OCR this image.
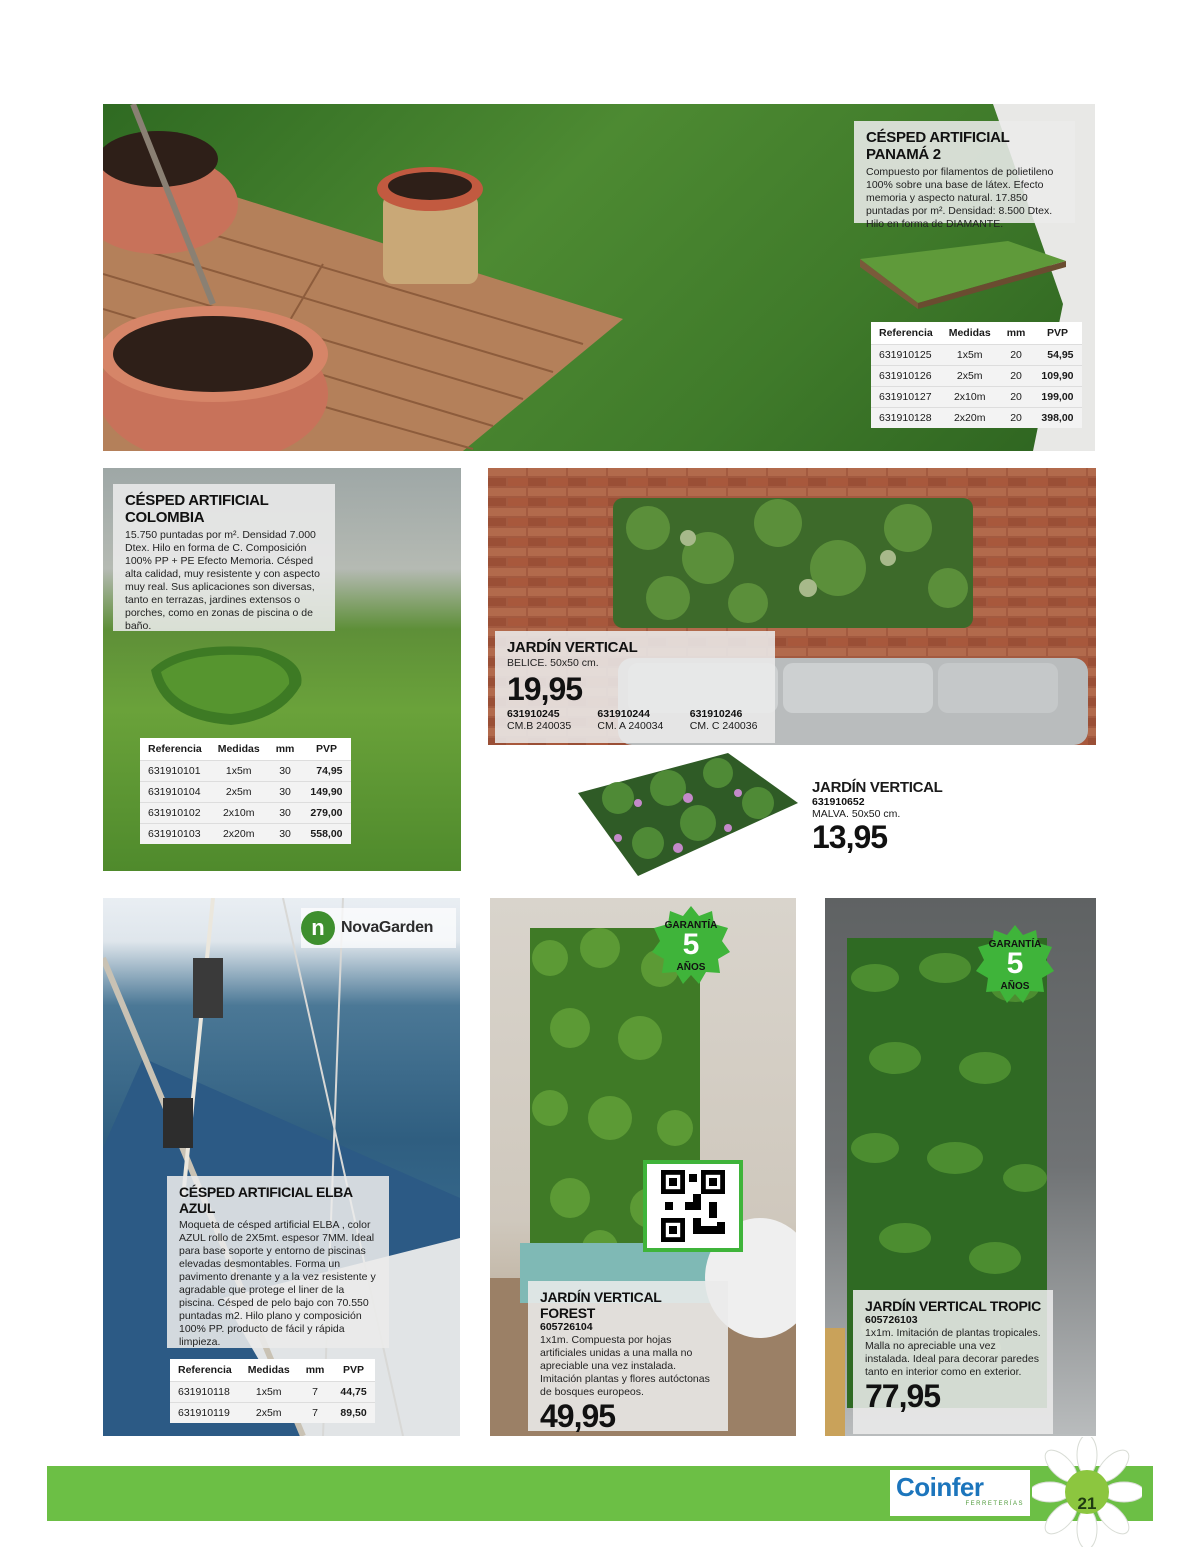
CÉSPED ARTIFICIAL PANAMÁ 2

Compuesto por filamentos de polietileno 100% sobre una base de látex. Efecto memoria y aspecto natural. 17.850 puntadas por m². Densidad: 8.500 Dtex. Hilo en forma de DIAMANTE.

Referencia	Medidas	mm	PVP
631910125	1x5m	20	54,95
631910126	2x5m	20	109,90
631910127	2x10m	20	199,00
631910128	2x20m	20	398,00
CÉSPED ARTIFICIAL COLOMBIA

15.750 puntadas por m². Densidad 7.000 Dtex. Hilo en forma de C. Composición 100% PP + PE Efecto Memoria. Césped alta calidad, muy resistente y con aspecto muy real. Sus aplicaciones son diversas, tanto en terrazas, jardines extensos o porches, como en zonas de piscina o de baño.

Referencia	Medidas	mm	PVP
631910101	1x5m	30	74,95
631910104	2x5m	30	149,90
631910102	2x10m	30	279,00
631910103	2x20m	30	558,00
JARDÍN VERTICAL

BELICE. 50x50 cm.

19,95
631910245
CM.B 240035
631910244
CM. A 240034
631910246
CM. C 240036
JARDÍN VERTICAL
631910652
MALVA. 50x50 cm.
13,95
n	NovaGarden
CÉSPED ARTIFICIAL ELBA AZUL

Moqueta de césped artificial ELBA , color AZUL rollo de 2X5mt. espesor 7MM. Ideal para base soporte y entorno de piscinas elevadas desmontables. Forma un pavimento drenante y a la vez resistente y agradable que protege el liner de la piscina. Césped de pelo bajo con 70.550 puntadas m2. Hilo plano y composición 100% PP. producto de fácil y rápida limpieza.

Referencia	Medidas	mm	PVP
631910118	1x5m	7	44,75
631910119	2x5m	7	89,50
GARANTÍA
5
AÑOS
JARDÍN VERTICAL FOREST
605726104

1x1m. Compuesta por hojas artificiales unidas a una malla no apreciable una vez instalada. Imitación plantas y flores autóctonas de bosques europeos.

49,95
GARANTÍA
5
AÑOS
JARDÍN VERTICAL TROPIC
605726103

1x1m. Imitación de plantas tropicales. Malla no apreciable una vez instalada. Ideal para decorar paredes tanto en interior como en exterior.

77,95
Coinfer
FERRETERÍAS	21
